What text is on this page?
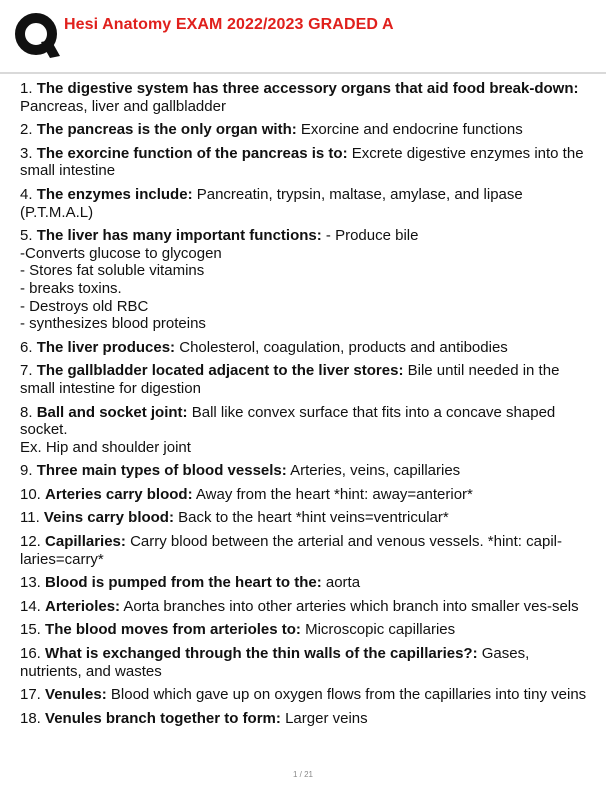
Hesi Anatomy EXAM 2022/2023 GRADED A
1. The digestive system has three accessory organs that aid food break-down: Pancreas, liver and gallbladder
2. The pancreas is the only organ with: Exorcine and endocrine functions
3. The exorcine function of the pancreas is to: Excrete digestive enzymes into the small intestine
4. The enzymes include: Pancreatin, trypsin, maltase, amylase, and lipase (P.T.M.A.L)
5. The liver has many important functions: - Produce bile
-Converts glucose to glycogen
- Stores fat soluble vitamins
- breaks toxins.
- Destroys old RBC
- synthesizes blood proteins
6. The liver produces: Cholesterol, coagulation, products and antibodies
7. The gallbladder located adjacent to the liver stores: Bile until needed in the small intestine for digestion
8. Ball and socket joint: Ball like convex surface that fits into a concave shaped socket.
Ex. Hip and shoulder joint
9. Three main types of blood vessels: Arteries, veins, capillaries
10. Arteries carry blood: Away from the heart *hint: away=anterior*
11. Veins carry blood: Back to the heart *hint veins=ventricular*
12. Capillaries: Carry blood between the arterial and venous vessels. *hint: capil-laries=carry*
13. Blood is pumped from the heart to the: aorta
14. Arterioles: Aorta branches into other arteries which branch into smaller ves-sels
15. The blood moves from arterioles to: Microscopic capillaries
16. What is exchanged through the thin walls of the capillaries?: Gases, nutrients, and wastes
17. Venules: Blood which gave up on oxygen flows from the capillaries into tiny veins
18. Venules branch together to form: Larger veins
1 / 21
